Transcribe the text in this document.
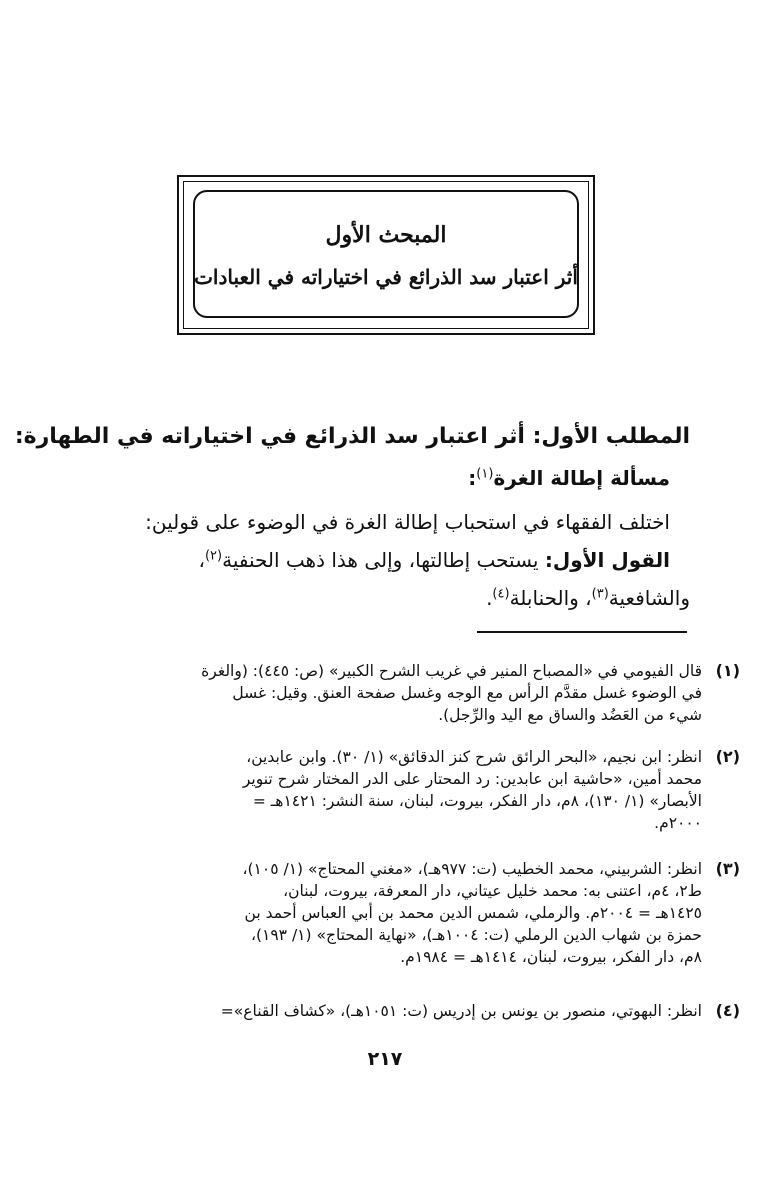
المبحث الأول
أثر اعتبار سد الذرائع في اختياراته في العبادات
المطلب الأول: أثر اعتبار سد الذرائع في اختياراته في الطهارة:
مسألة إطالة الغرة$^{(١)}$:
اختلف الفقهاء في استحباب إطالة الغرة في الوضوء على قولين:
القول الأول: يستحب إطالتها، وإلى هذا ذهب الحنفية$^{(٢)}$،
والشافعية$^{(٣)}$، والحنابلة$^{(٤)}$.
(١)
قال الفيومي في «المصباح المنير في غريب الشرح الكبير» (ص: ٤٤٥): (والغرة
في الوضوء غسل مقدَّم الرأس مع الوجه وغسل صفحة العنق. وقيل: غسل
شيء من العَضُد والساق مع اليد والرِّجل).
(٢)
انظر: ابن نجيم، «البحر الرائق شرح كنز الدقائق» (١/ ٣٠). وابن عابدين،
محمد أمين، «حاشية ابن عابدين: رد المحتار على الدر المختار شرح تنوير
الأبصار» (١/ ١٣٠)، ٨م، دار الفكر، بيروت، لبنان، سنة النشر: ١٤٢١هـ =
٢٠٠٠م.
(٣)
انظر: الشربيني، محمد الخطيب (ت: ٩٧٧هـ)، «مغني المحتاج» (١/ ١٠٥)،
ط٢، ٤م، اعتنى به: محمد خليل عيتاني، دار المعرفة، بيروت، لبنان،
١٤٢٥هـ = ٢٠٠٤م. والرملي، شمس الدين محمد بن أبي العباس أحمد بن
حمزة بن شهاب الدين الرملي (ت: ١٠٠٤هـ)، «نهاية المحتاج» (١/ ١٩٣)،
٨م، دار الفكر، بيروت، لبنان، ١٤١٤هـ = ١٩٨٤م.
(٤)
انظر: البهوتي، منصور بن يونس بن إدريس (ت: ١٠٥١هـ)، «كشاف القناع»=
٢١٧
